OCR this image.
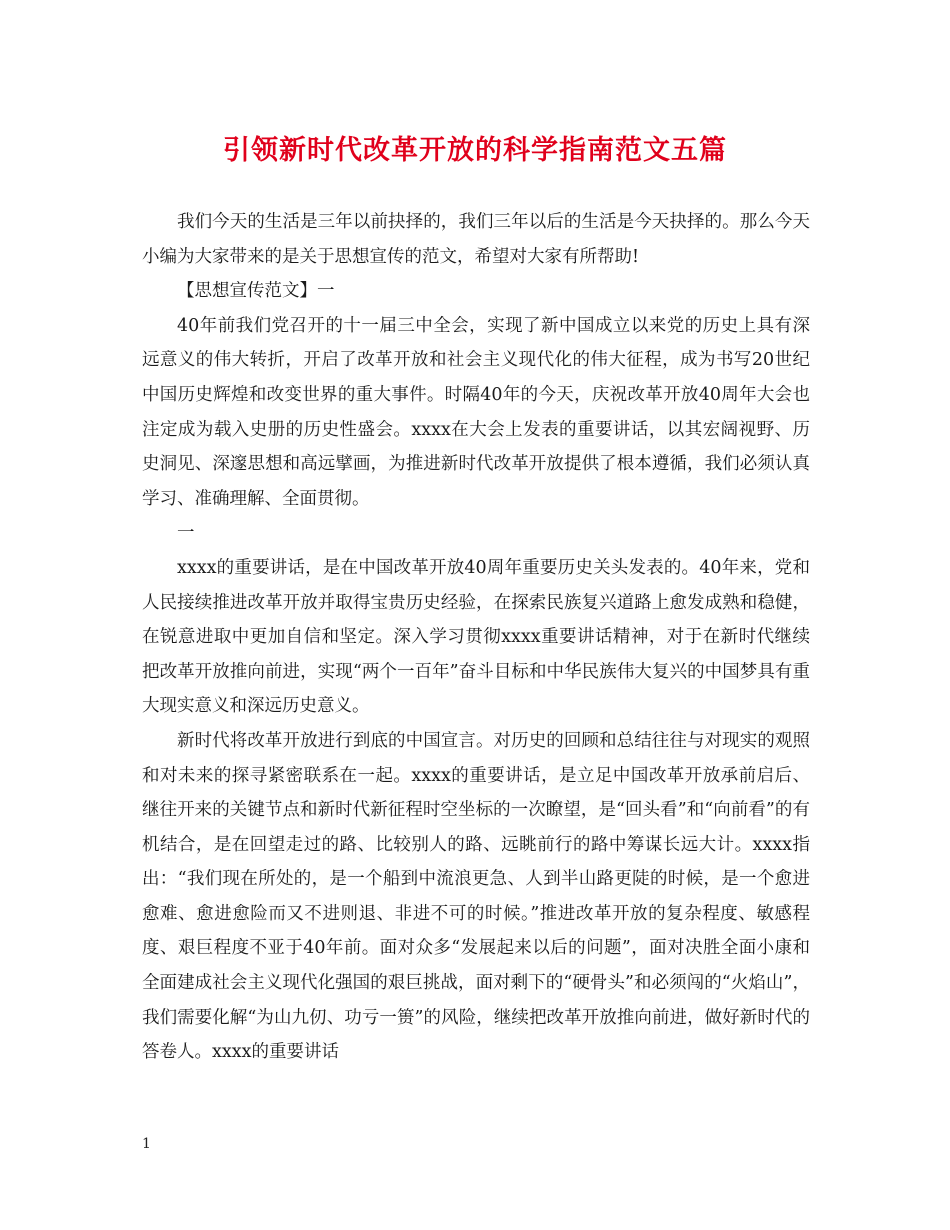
引领新时代改革开放的科学指南范文五篇

我们今天的生活是三年以前抉择的，我们三年以后的生活是今天抉择的。那么今天小编为大家带来的是关于思想宣传的范文，希望对大家有所帮助!

【思想宣传范文】一

40年前我们党召开的十一届三中全会，实现了新中国成立以来党的历史上具有深远意义的伟大转折，开启了改革开放和社会主义现代化的伟大征程，成为书写20世纪中国历史辉煌和改变世界的重大事件。时隔40年的今天，庆祝改革开放40周年大会也注定成为载入史册的历史性盛会。xxxx在大会上发表的重要讲话，以其宏阔视野、历史洞见、深邃思想和高远擘画，为推进新时代改革开放提供了根本遵循，我们必须认真学习、准确理解、全面贯彻。

一

xxxx的重要讲话，是在中国改革开放40周年重要历史关头发表的。40年来，党和人民接续推进改革开放并取得宝贵历史经验，在探索民族复兴道路上愈发成熟和稳健，在锐意进取中更加自信和坚定。深入学习贯彻xxxx重要讲话精神，对于在新时代继续把改革开放推向前进，实现“两个一百年”奋斗目标和中华民族伟大复兴的中国梦具有重大现实意义和深远历史意义。

新时代将改革开放进行到底的中国宣言。对历史的回顾和总结往往与对现实的观照和对未来的探寻紧密联系在一起。xxxx的重要讲话，是立足中国改革开放承前启后、继往开来的关键节点和新时代新征程时空坐标的一次瞭望，是“回头看”和“向前看”的有机结合，是在回望走过的路、比较别人的路、远眺前行的路中筹谋长远大计。xxxx指出：“我们现在所处的，是一个船到中流浪更急、人到半山路更陡的时候，是一个愈进愈难、愈进愈险而又不进则退、非进不可的时候。”推进改革开放的复杂程度、敏感程度、艰巨程度不亚于40年前。面对众多“发展起来以后的问题”，面对决胜全面小康和全面建成社会主义现代化强国的艰巨挑战，面对剩下的“硬骨头”和必须闯的“火焰山”，我们需要化解“为山九仞、功亏一篑”的风险，继续把改革开放推向前进，做好新时代的答卷人。xxxx的重要讲话

1
